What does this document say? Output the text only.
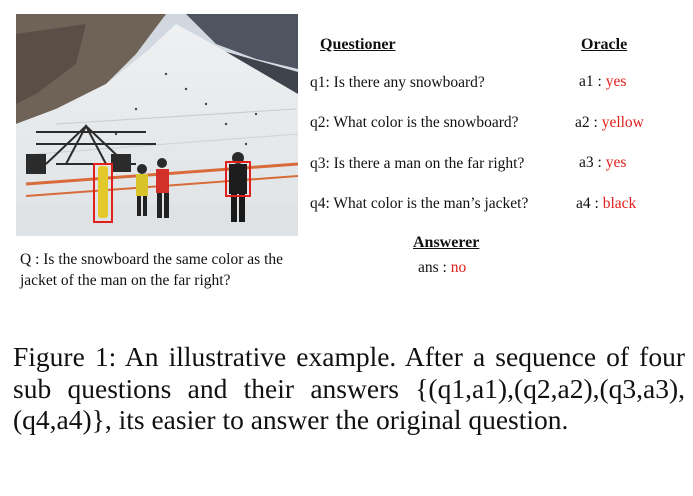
Q : Is the snowboard the same color as the jacket of the man on the far right?
Questioner	Oracle
q1: Is there any snowboard?
q2: What color is the snowboard?
q3: Is there a man on the far right?
q4: What color is the man’s jacket?
a1 : yes
a2 : yellow
a3 : yes
a4 : black
Answerer
ans : no
Figure 1: An illustrative example. After a sequence of four sub questions and their answers {(q1,a1),(q2,a2),(q3,a3),(q4,a4)}, its easier to answer the original question.
